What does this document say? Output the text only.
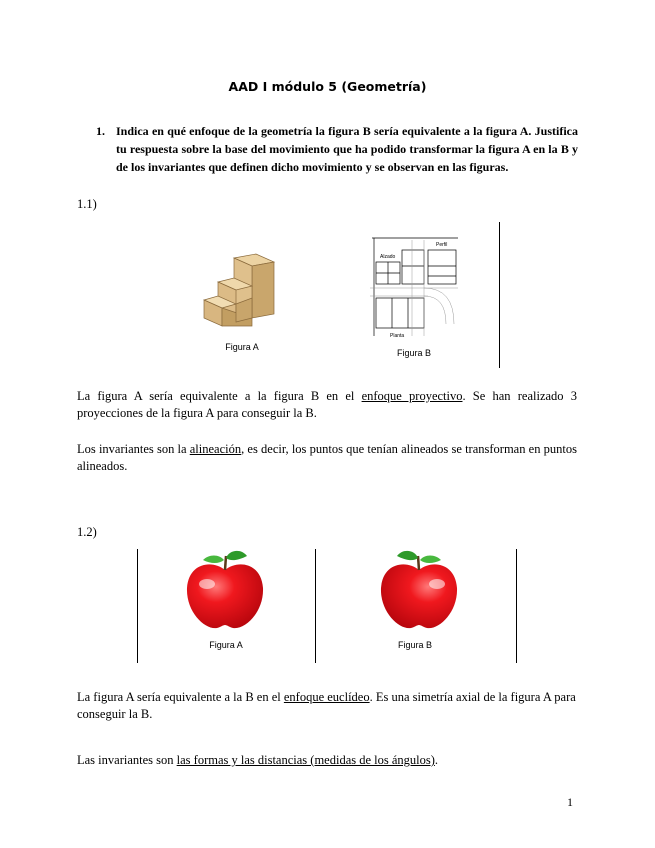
AAD I módulo 5 (Geometría)
1. Indica en qué enfoque de la geometría la figura B sería equivalente a la figura A. Justifica tu respuesta sobre la base del movimiento que ha podido transformar la figura A en la B y de los invariantes que definen dicho movimiento y se observan en las figuras.
1.1)
Figura A
Perfil
Alzado
Planta
Figura B
La figura A sería equivalente a la figura B en el enfoque proyectivo. Se han realizado 3 proyecciones de la figura A para conseguir la B.
Los invariantes son la alineación, es decir, los puntos que tenían alineados se transforman en puntos alineados.
1.2)
Figura A	Figura B
La figura A sería equivalente a la B en el enfoque euclídeo. Es una simetría axial de la figura A para conseguir la B.
Las invariantes son las formas y las distancias (medidas de los ángulos).
1
